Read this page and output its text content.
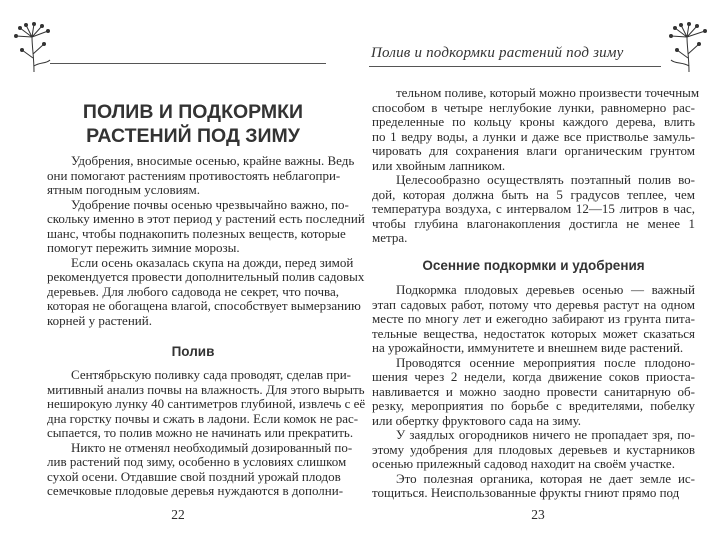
ПОЛИВ И ПОДКОРМКИ
РАСТЕНИЙ ПОД ЗИМУ
Удобрения, вносимые осенью, крайне важны. Ведь
они помогают растениям противостоять неблагопри-
ятным погодным условиям.
Удобрение почвы осенью чрезвычайно важно, по-
скольку именно в этот период у растений есть последний
шанс, чтобы поднакопить полезных веществ, которые
помогут пережить зимние морозы.
Если осень оказалась скупа на дожди, перед зимой
рекомендуется провести дополнительный полив садовых
деревьев. Для любого садовода не секрет, что почва,
которая не обогащена влагой, способствует вымерзанию
корней у растений.
Полив
Сентябрьскую поливку сада проводят, сделав при-
митивный анализ почвы на влажность. Для этого вырыть
неширокую лунку 40 сантиметров глубиной, извлечь с её
дна горстку почвы и сжать в ладони. Если комок не рас-
сыпается, то полив можно не начинать или прекратить.
Никто не отменял необходимый дозированный по-
лив растений под зиму, особенно в условиях слишком
сухой осени. Отдавшие свой поздний урожай плодов
семечковые плодовые деревья нуждаются в дополни-
22
Полив и подкормки растений под зиму
тельном поливе, который можно произвести точечным
способом в четыре неглубокие лунки, равномерно рас-
пределенные по кольцу кроны каждого дерева, влить
по 1 ведру воды, а лунки и даже все приствольe замуль-
чировать для сохранения влаги органическим грунтом
или хвойным лапником.
Целесообразно осуществлять поэтапный полив во-
дой, которая должна быть на 5 градусов теплее, чем
температура воздуха, с интервалом 12—15 литров в час,
чтобы глубина влагонакопления достигла не менее 1
метра.
Осенние подкормки и удобрения
Подкормка плодовых деревьев осенью — важный
этап садовых работ, потому что деревья растут на одном
месте по многу лет и ежегодно забирают из грунта пита-
тельные вещества, недостаток которых может сказаться
на урожайности, иммунитете и внешнем виде растений.
Проводятся осенние мероприятия после плодоно-
шения через 2 недели, когда движение соков приоста-
навливается и можно заодно провести санитарную об-
резку, мероприятия по борьбе с вредителями, побелку
или обертку фруктового сада на зиму.
У заядлых огородников ничего не пропадает зря, по-
этому удобрения для плодовых деревьев и кустарников
осенью прилежный садовод находит на своём участке.
Это полезная органика, которая не дает земле ис-
тощиться. Неиспользованные фрукты гниют прямо под
23
